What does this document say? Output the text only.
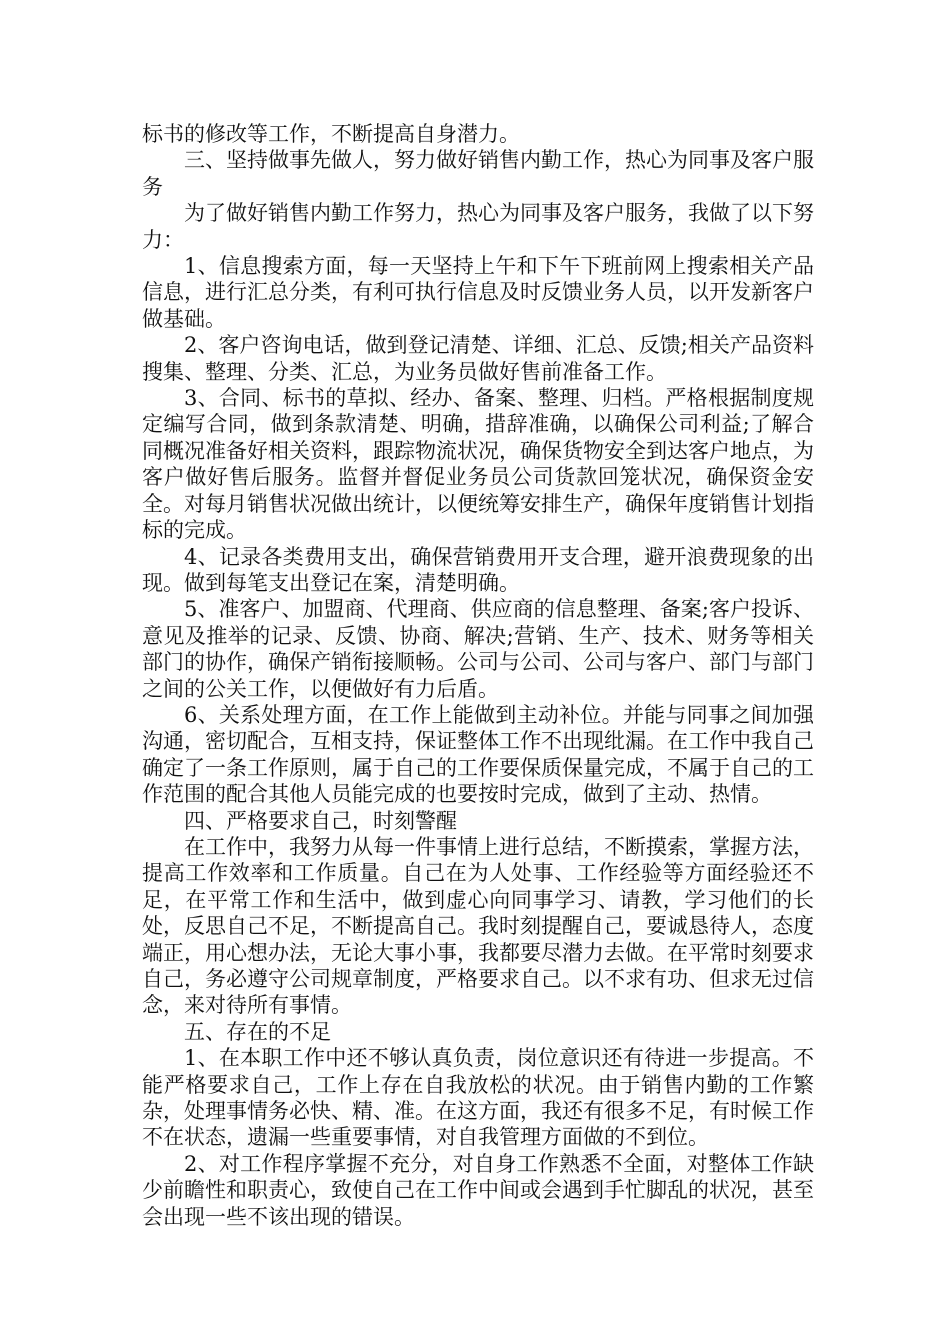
标书的修改等工作，不断提高自身潜力。

三、坚持做事先做人，努力做好销售内勤工作，热心为同事及客户服务

为了做好销售内勤工作努力，热心为同事及客户服务，我做了以下努力：

1、信息搜索方面，每一天坚持上午和下午下班前网上搜索相关产品信息，进行汇总分类，有利可执行信息及时反馈业务人员，以开发新客户做基础。

2、客户咨询电话，做到登记清楚、详细、汇总、反馈;相关产品资料搜集、整理、分类、汇总，为业务员做好售前准备工作。

3、合同、标书的草拟、经办、备案、整理、归档。严格根据制度规定编写合同，做到条款清楚、明确，措辞准确，以确保公司利益;了解合同概况准备好相关资料，跟踪物流状况，确保货物安全到达客户地点，为客户做好售后服务。监督并督促业务员公司货款回笼状况，确保资金安全。对每月销售状况做出统计，以便统筹安排生产，确保年度销售计划指标的完成。

4、记录各类费用支出，确保营销费用开支合理，避开浪费现象的出现。做到每笔支出登记在案，清楚明确。

5、准客户、加盟商、代理商、供应商的信息整理、备案;客户投诉、意见及推举的记录、反馈、协商、解决;营销、生产、技术、财务等相关部门的协作，确保产销衔接顺畅。公司与公司、公司与客户、部门与部门之间的公关工作，以便做好有力后盾。

6、关系处理方面，在工作上能做到主动补位。并能与同事之间加强沟通，密切配合，互相支持，保证整体工作不出现纰漏。在工作中我自己确定了一条工作原则，属于自己的工作要保质保量完成，不属于自己的工作范围的配合其他人员能完成的也要按时完成，做到了主动、热情。

四、严格要求自己，时刻警醒

在工作中，我努力从每一件事情上进行总结，不断摸索，掌握方法，提高工作效率和工作质量。自己在为人处事、工作经验等方面经验还不足，在平常工作和生活中，做到虚心向同事学习、请教，学习他们的长处，反思自己不足，不断提高自己。我时刻提醒自己，要诚恳待人，态度端正，用心想办法，无论大事小事，我都要尽潜力去做。在平常时刻要求自己，务必遵守公司规章制度，严格要求自己。以不求有功、但求无过信念，来对待所有事情。

五、存在的不足

1、在本职工作中还不够认真负责，岗位意识还有待进一步提高。不能严格要求自己，工作上存在自我放松的状况。由于销售内勤的工作繁杂，处理事情务必快、精、准。在这方面，我还有很多不足，有时候工作不在状态，遗漏一些重要事情，对自我管理方面做的不到位。

2、对工作程序掌握不充分，对自身工作熟悉不全面，对整体工作缺少前瞻性和职责心，致使自己在工作中间或会遇到手忙脚乱的状况，甚至会出现一些不该出现的错误。
